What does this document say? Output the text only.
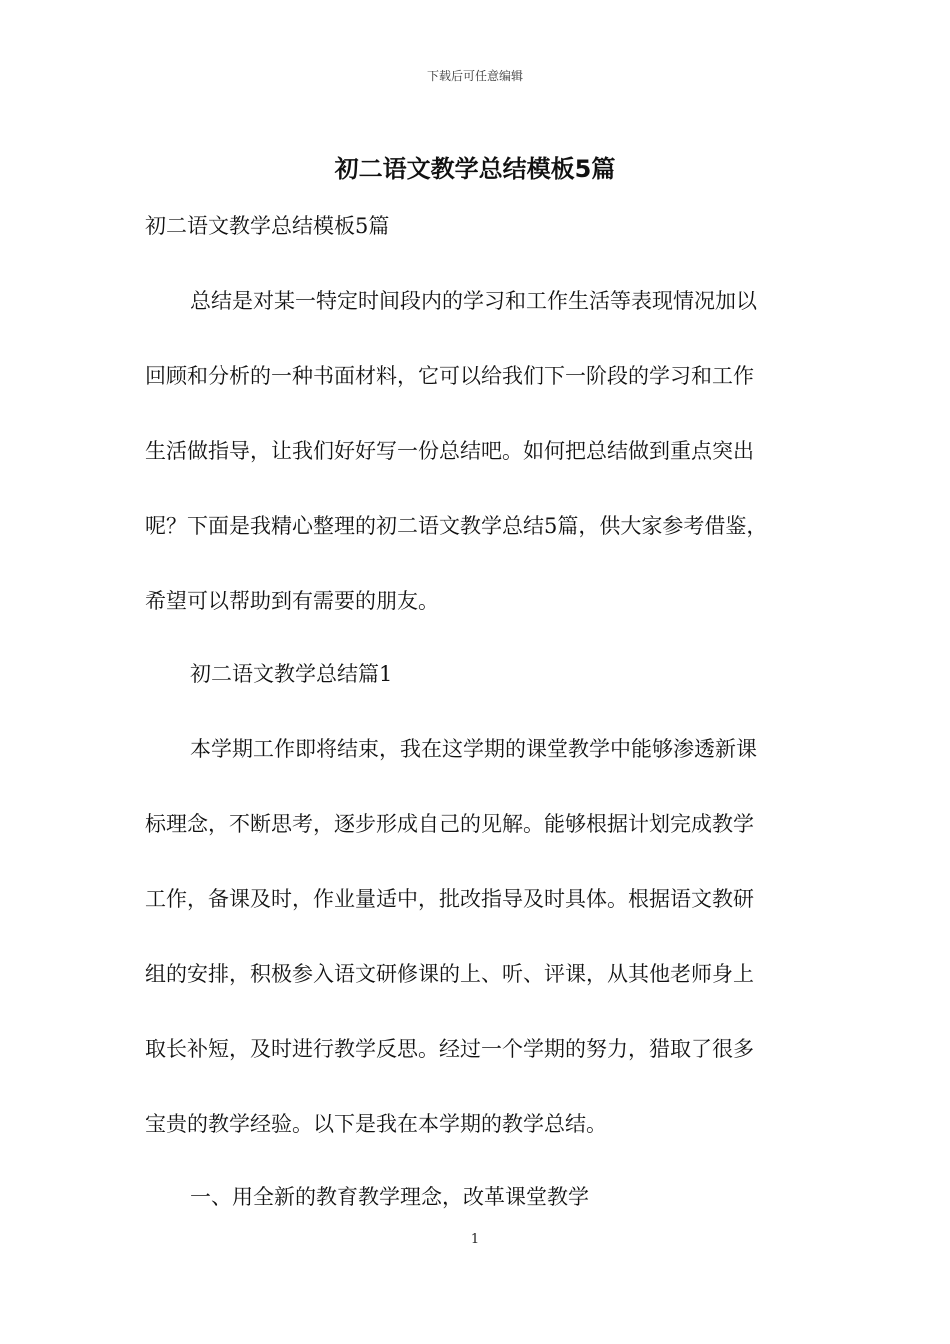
下载后可任意编辑
初二语文教学总结模板5篇
初二语文教学总结模板5篇
总结是对某一特定时间段内的学习和工作生活等表现情况加以
回顾和分析的一种书面材料，它可以给我们下一阶段的学习和工作
生活做指导，让我们好好写一份总结吧。如何把总结做到重点突出
呢？下面是我精心整理的初二语文教学总结5篇，供大家参考借鉴，
希望可以帮助到有需要的朋友。
初二语文教学总结篇1
本学期工作即将结束，我在这学期的课堂教学中能够渗透新课
标理念，不断思考，逐步形成自己的见解。能够根据计划完成教学
工作，备课及时，作业量适中，批改指导及时具体。根据语文教研
组的安排，积极参入语文研修课的上、听、评课，从其他老师身上
取长补短，及时进行教学反思。经过一个学期的努力，猎取了很多
宝贵的教学经验。以下是我在本学期的教学总结。
一、用全新的教育教学理念，改革课堂教学
1
